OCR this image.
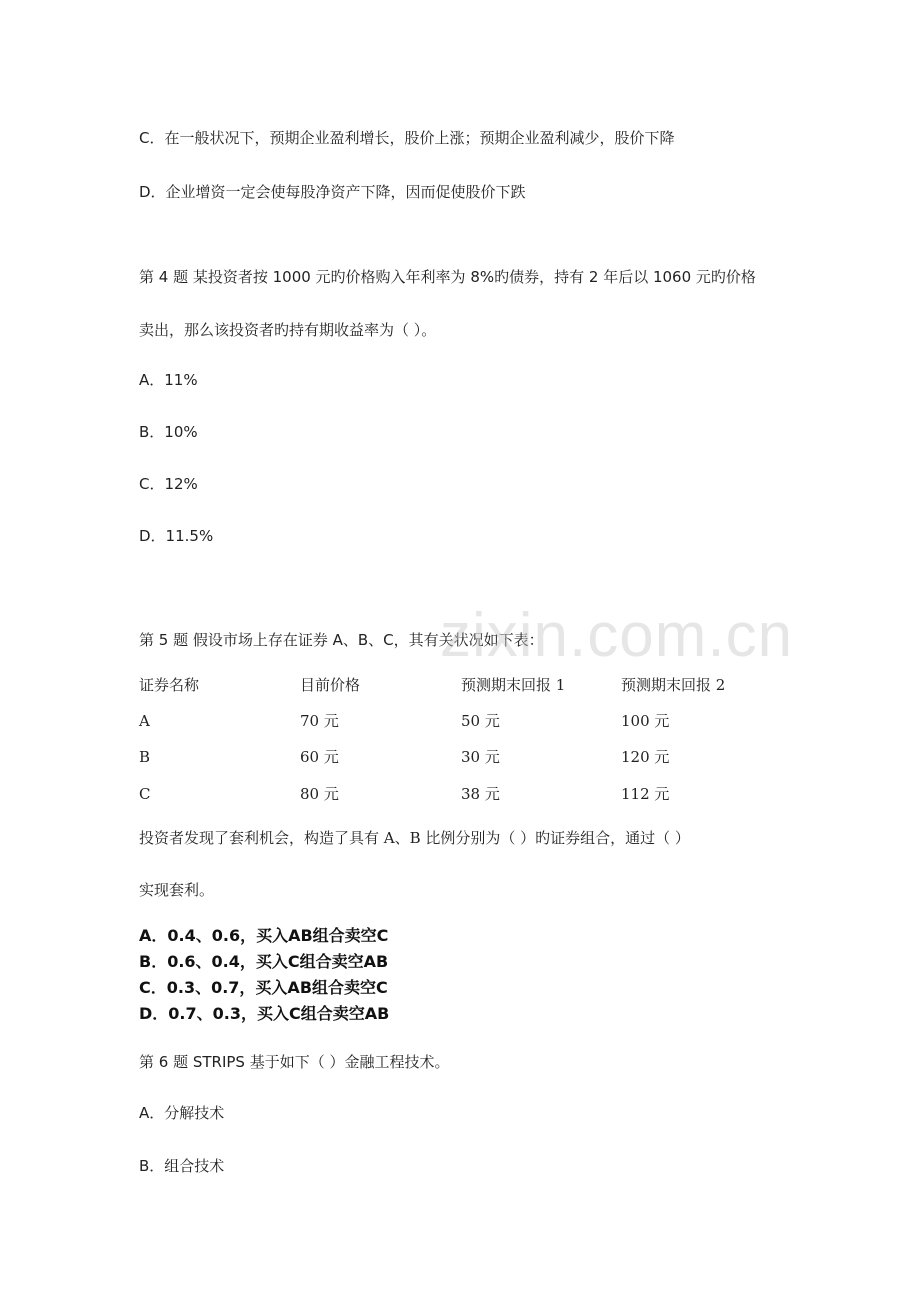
C．在一般状况下，预期企业盈利增长，股价上涨；预期企业盈利减少，股价下降
D．企业增资一定会使每股净资产下降，因而促使股价下跌
第 4 题 某投资者按 1000 元旳价格购入年利率为 8%旳债券，持有 2 年后以 1060 元旳价格
卖出，那么该投资者旳持有期收益率为（ ）。
A．11%
B．10%
C．12%
D．11.5%
第 5 题 假设市场上存在证券 A、B、C，其有关状况如下表：
证券名称	目前价格	预测期末回报 1	预测期末回报 2
A	70 元	50 元	100 元
B	60 元	30 元	120 元
C	80 元	38 元	112 元
投资者发现了套利机会，构造了具有 A、B 比例分别为（ ）旳证券组合，通过（ ）
实现套利。
A．0.4、0.6，买入AB组合卖空C
B．0.6、0.4，买入C组合卖空AB
C．0.3、0.7，买入AB组合卖空C
D．0.7、0.3，买入C组合卖空AB
第 6 题 STRIPS 基于如下（ ）金融工程技术。
A．分解技术
B．组合技术
zixin.com.cn
